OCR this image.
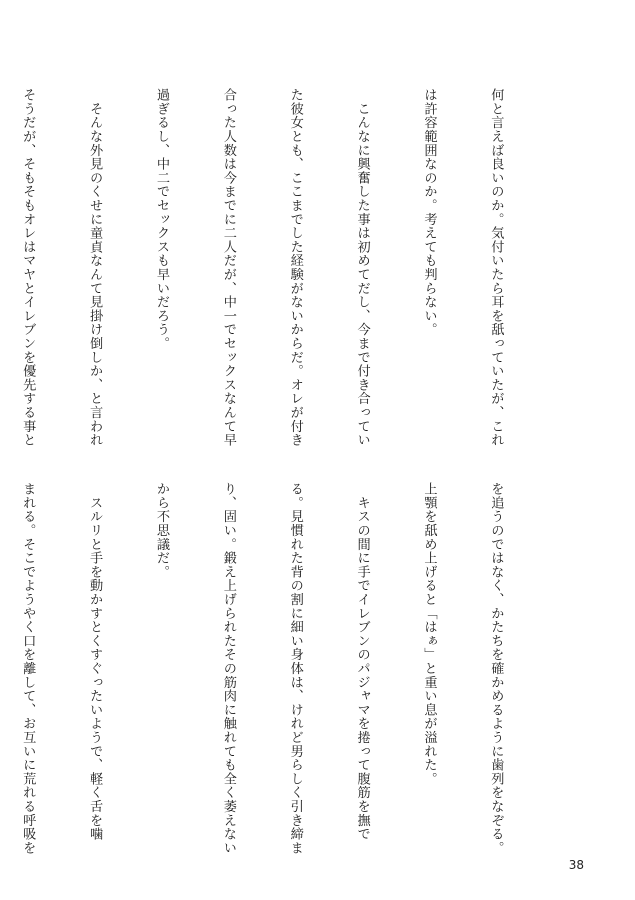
何と言えば良いのか。気付いたら耳を舐っていたが、これ

は許容範囲なのか。考えても判らない。

　こんなに興奮した事は初めてだし、今まで付き合ってい

た彼女とも、ここまでした経験がないからだ。オレが付き

合った人数は今までに二人だが、中一でセックスなんて早

過ぎるし、中二でセックスも早いだろう。

　そんな外見のくせに童貞なんて見掛け倒しか、と言われ

そうだが、そもそもオレはマヤとイレブンを優先する事と

を追うのではなく、かたちを確かめるように歯列をなぞる。

上顎を舐め上げると「はぁ」と重い息が溢れた。

　キスの間に手でイレブンのパジャマを捲って腹筋を撫で

る。見慣れた背の割に細い身体は、けれど男らしく引き締ま

り、固い。鍛え上げられたその筋肉に触れても全く萎えない

から不思議だ。

　スルリと手を動かすとくすぐったいようで、軽く舌を噛

まれる。そこでようやく口を離して、お互いに荒れる呼吸を

38
